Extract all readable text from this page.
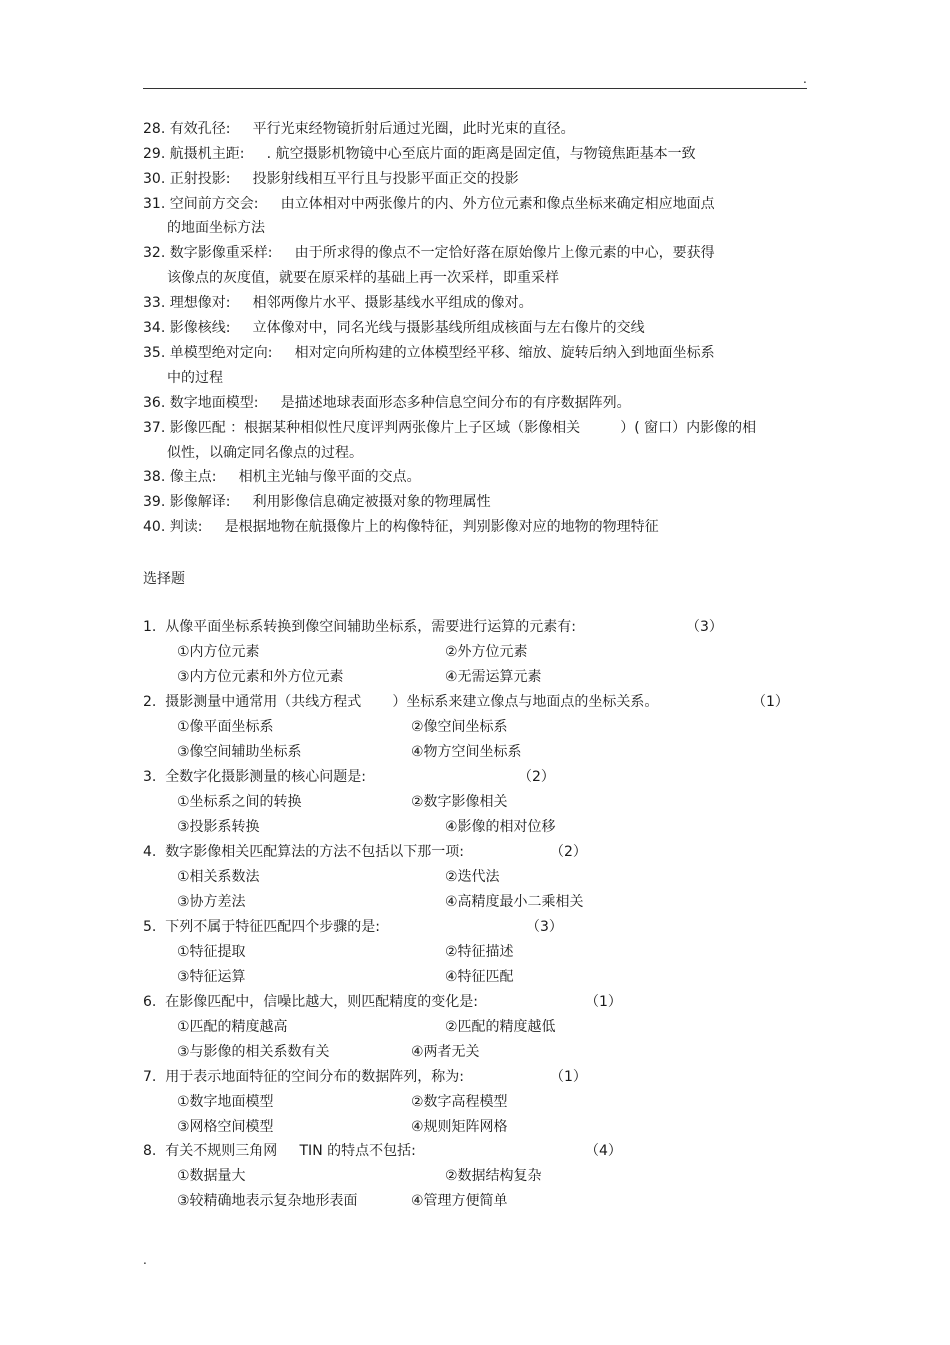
.
28. 有效孔径:     平行光束经物镜折射后通过光圈，此时光束的直径。
29. 航摄机主距:     . 航空摄影机物镜中心至底片面的距离是固定值，与物镜焦距基本一致
30. 正射投影:     投影射线相互平行且与投影平面正交的投影
31. 空间前方交会:     由立体相对中两张像片的内、外方位元素和像点坐标来确定相应地面点
的地面坐标方法
32. 数字影像重采样:     由于所求得的像点不一定恰好落在原始像片上像元素的中心，要获得
该像点的灰度值，就要在原采样的基础上再一次采样，即重采样
33. 理想像对:     相邻两像片水平、摄影基线水平组成的像对。
34. 影像核线:     立体像对中，同名光线与摄影基线所组成核面与左右像片的交线
35. 单模型绝对定向:     相对定向所构建的立体模型经平移、缩放、旋转后纳入到地面坐标系
中的过程
36. 数字地面模型:     是描述地球表面形态多种信息空间分布的有序数据阵列。
37. 影像匹配 ：根据某种相似性尺度评判两张像片上子区域（影像相关         ）( 窗口）内影像的相
似性，以确定同名像点的过程。
38. 像主点:     相机主光轴与像平面的交点。
39. 影像解译:     利用影像信息确定被摄对象的物理属性
40. 判读:     是根据地物在航摄像片上的构像特征，判别影像对应的地物的物理特征
选择题
1.  从像平面坐标系转换到像空间辅助坐标系，需要进行运算的元素有:	（3）
①内方位元素	②外方位元素
③内方位元素和外方位元素	④无需运算元素
2.  摄影测量中通常用（共线方程式       ）坐标系来建立像点与地面点的坐标关系。	（1）
①像平面坐标系	②像空间坐标系
③像空间辅助坐标系	④物方空间坐标系
3.  全数字化摄影测量的核心问题是:	（2）
①坐标系之间的转换	②数字影像相关
③投影系转换	④影像的相对位移
4.  数字影像相关匹配算法的方法不包括以下那一项:	（2）
①相关系数法	②迭代法
③协方差法	④高精度最小二乘相关
5.  下列不属于特征匹配四个步骤的是:	（3）
①特征提取	②特征描述
③特征运算	④特征匹配
6.  在影像匹配中，信噪比越大，则匹配精度的变化是:	（1）
①匹配的精度越高	②匹配的精度越低
③与影像的相关系数有关	④两者无关
7.  用于表示地面特征的空间分布的数据阵列，称为:	（1）
①数字地面模型	②数字高程模型
③网格空间模型	④规则矩阵网格
8.  有关不规则三角网     TIN 的特点不包括:	（4）
①数据量大	②数据结构复杂
③较精确地表示复杂地形表面	④管理方便简单
.
